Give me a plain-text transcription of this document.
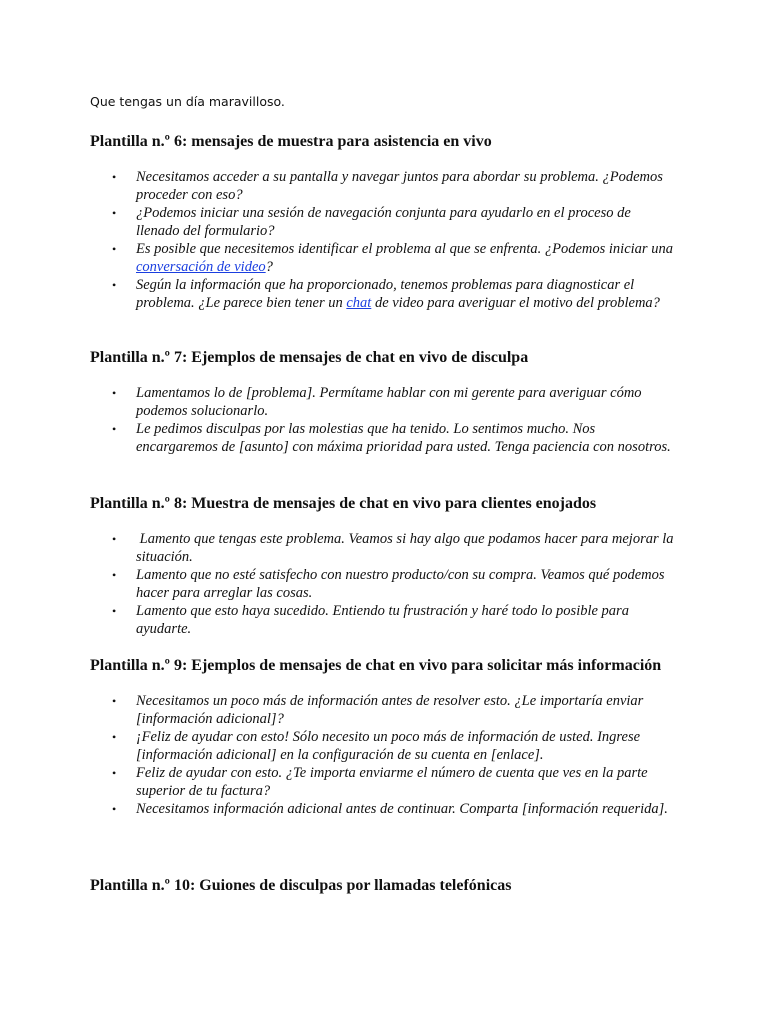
Que tengas un día maravilloso.

Plantilla n.º 6: mensajes de muestra para asistencia en vivo
• Necesitamos acceder a su pantalla y navegar juntos para abordar su problema. ¿Podemos proceder con eso?
• ¿Podemos iniciar una sesión de navegación conjunta para ayudarlo en el proceso de llenado del formulario?
• Es posible que necesitemos identificar el problema al que se enfrenta. ¿Podemos iniciar una conversación de video?
• Según la información que ha proporcionado, tenemos problemas para diagnosticar el problema. ¿Le parece bien tener un chat de video para averiguar el motivo del problema?
Plantilla n.º 7: Ejemplos de mensajes de chat en vivo de disculpa
• Lamentamos lo de [problema]. Permítame hablar con mi gerente para averiguar cómo podemos solucionarlo.
• Le pedimos disculpas por las molestias que ha tenido. Lo sentimos mucho. Nos encargaremos de [asunto] con máxima prioridad para usted. Tenga paciencia con nosotros.
Plantilla n.º 8: Muestra de mensajes de chat en vivo para clientes enojados
• Lamento que tengas este problema. Veamos si hay algo que podamos hacer para mejorar la situación.
• Lamento que no esté satisfecho con nuestro producto/con su compra. Veamos qué podemos hacer para arreglar las cosas.
• Lamento que esto haya sucedido. Entiendo tu frustración y haré todo lo posible para ayudarte.
Plantilla n.º 9: Ejemplos de mensajes de chat en vivo para solicitar más información
• Necesitamos un poco más de información antes de resolver esto. ¿Le importaría enviar [información adicional]?
• ¡Feliz de ayudar con esto! Sólo necesito un poco más de información de usted. Ingrese [información adicional] en la configuración de su cuenta en [enlace].
• Feliz de ayudar con esto. ¿Te importa enviarme el número de cuenta que ves en la parte superior de tu factura?
• Necesitamos información adicional antes de continuar. Comparta [información requerida].
Plantilla n.º 10: Guiones de disculpas por llamadas telefónicas
